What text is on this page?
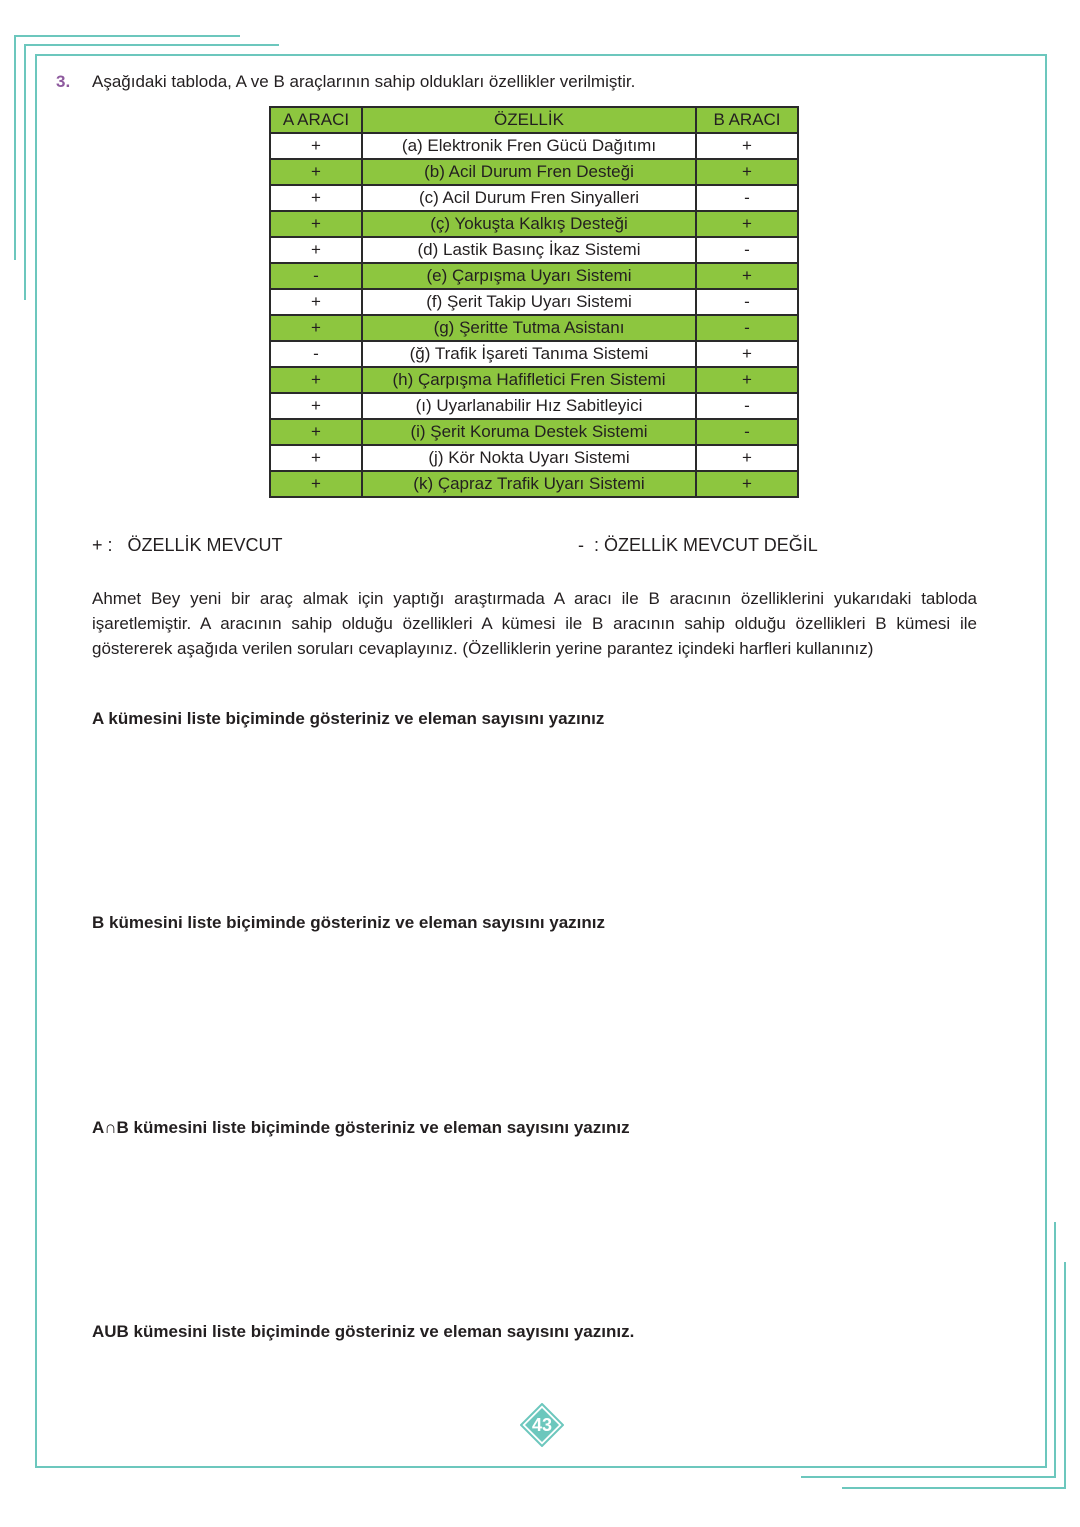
3. Aşağıdaki tabloda, A ve B araçlarının sahip oldukları özellikler verilmiştir.
A ARACI	ÖZELLİK	B ARACI
+	(a) Elektronik Fren Gücü Dağıtımı	+
+	(b) Acil Durum Fren Desteği	+
+	(c) Acil Durum Fren Sinyalleri	-
+	(ç) Yokuşta Kalkış Desteği	+
+	(d) Lastik Basınç İkaz Sistemi	-
-	(e) Çarpışma Uyarı Sistemi	+
+	(f) Şerit Takip Uyarı Sistemi	-
+	(g) Şeritte Tutma Asistanı	-
-	(ğ) Trafik İşareti Tanıma Sistemi	+
+	(h) Çarpışma Hafifletici Fren Sistemi	+
+	(ı) Uyarlanabilir Hız Sabitleyici	-
+	(i) Şerit Koruma Destek Sistemi	-
+	(j) Kör Nokta Uyarı Sistemi	+
+	(k) Çapraz Trafik Uyarı Sistemi	+
+ :   ÖZELLİK MEVCUT	-  : ÖZELLİK MEVCUT DEĞİL
Ahmet Bey yeni bir araç almak için yaptığı araştırmada A aracı ile B aracının özelliklerini yukarıdaki tabloda işaretlemiştir. A aracının sahip olduğu özellikleri A kümesi ile B aracının sahip olduğu özellikleri B kümesi ile göstererek aşağıda verilen soruları cevaplayınız. (Özelliklerin yerine parantez içindeki harfleri kullanınız)
A kümesini liste biçiminde gösteriniz ve eleman sayısını yazınız
B kümesini liste biçiminde gösteriniz ve eleman sayısını yazınız
A∩B kümesini liste biçiminde gösteriniz ve eleman sayısını yazınız
AUB kümesini liste biçiminde gösteriniz ve eleman sayısını yazınız.
43
